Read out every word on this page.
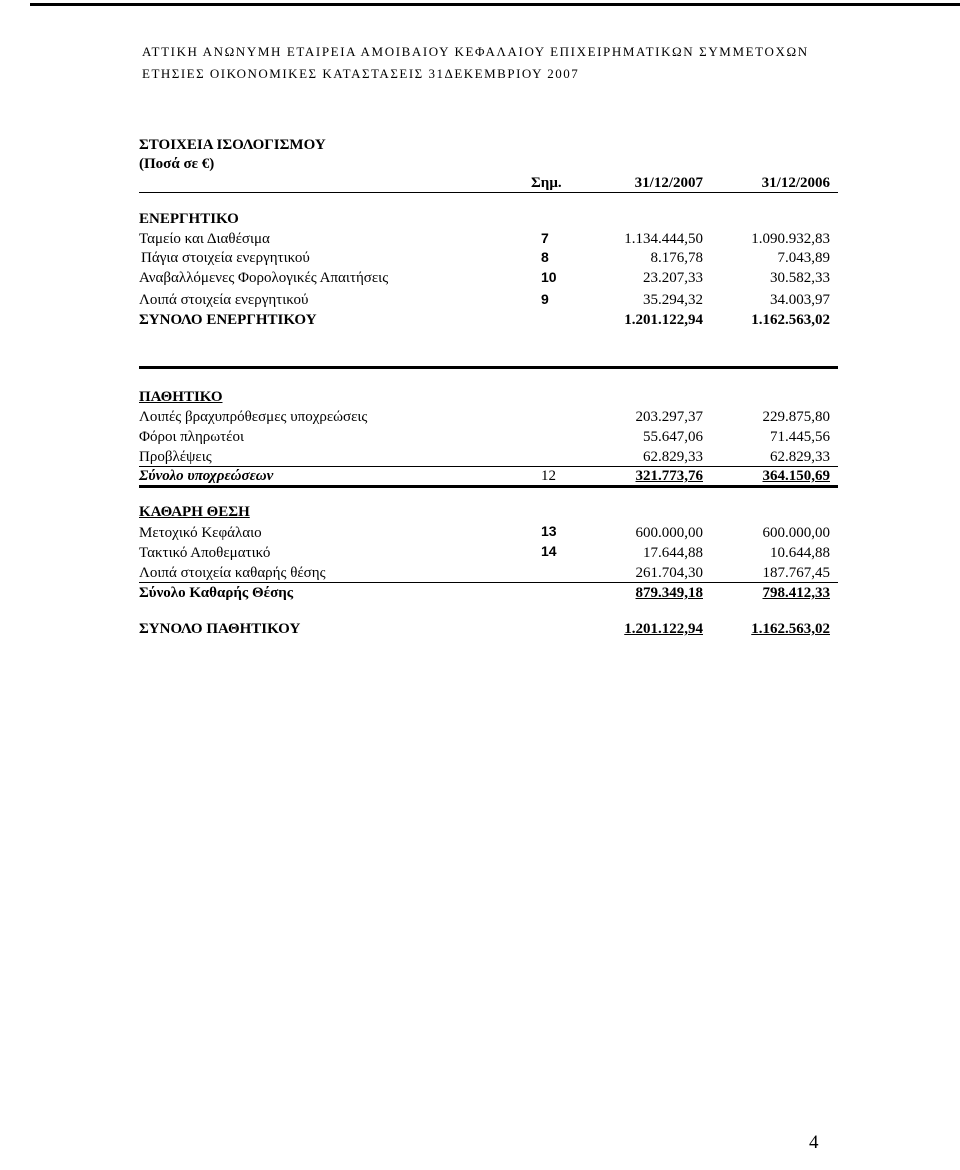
ΑΤΤΙΚΗ ΑΝΩΝΥΜΗ ΕΤΑΙΡΕΙΑ ΑΜΟΙΒΑΙΟΥ ΚΕΦΑΛΑΙΟΥ ΕΠΙΧΕΙΡΗΜΑΤΙΚΩΝ ΣΥΜΜΕΤΟΧΩΝ
ΕΤΗΣΙΕΣ ΟΙΚΟΝΟΜΙΚΕΣ ΚΑΤΑΣΤΑΣΕΙΣ 31ΔΕΚΕΜΒΡΙΟΥ 2007
ΣΤΟΙΧΕΙΑ ΙΣΟΛΟΓΙΣΜΟΥ
(Ποσά σε €)
Σημ.	31/12/2007	31/12/2006
ΕΝΕΡΓΗΤΙΚΟ
Ταμείο και Διαθέσιμα	7	1.134.444,50	1.090.932,83
Πάγια στοιχεία ενεργητικού	8	8.176,78	7.043,89
Αναβαλλόμενες Φορολογικές Απαιτήσεις	10	23.207,33	30.582,33
Λοιπά στοιχεία ενεργητικού	9	35.294,32	34.003,97
ΣΥΝΟΛΟ ΕΝΕΡΓΗΤΙΚΟΥ	1.201.122,94	1.162.563,02
ΠΑΘΗΤΙΚΟ
Λοιπές βραχυπρόθεσμες υποχρεώσεις	203.297,37	229.875,80
Φόροι πληρωτέοι	55.647,06	71.445,56
Προβλέψεις	62.829,33	62.829,33
Σύνολο υποχρεώσεων	12	321.773,76	364.150,69
ΚΑΘΑΡΗ ΘΕΣΗ
Μετοχικό Κεφάλαιο	13	600.000,00	600.000,00
Τακτικό Αποθεματικό	14	17.644,88	10.644,88
Λοιπά στοιχεία καθαρής θέσης	261.704,30	187.767,45
Σύνολο Καθαρής Θέσης	879.349,18	798.412,33
ΣΥΝΟΛΟ ΠΑΘΗΤΙΚΟΥ	1.201.122,94	1.162.563,02
4
